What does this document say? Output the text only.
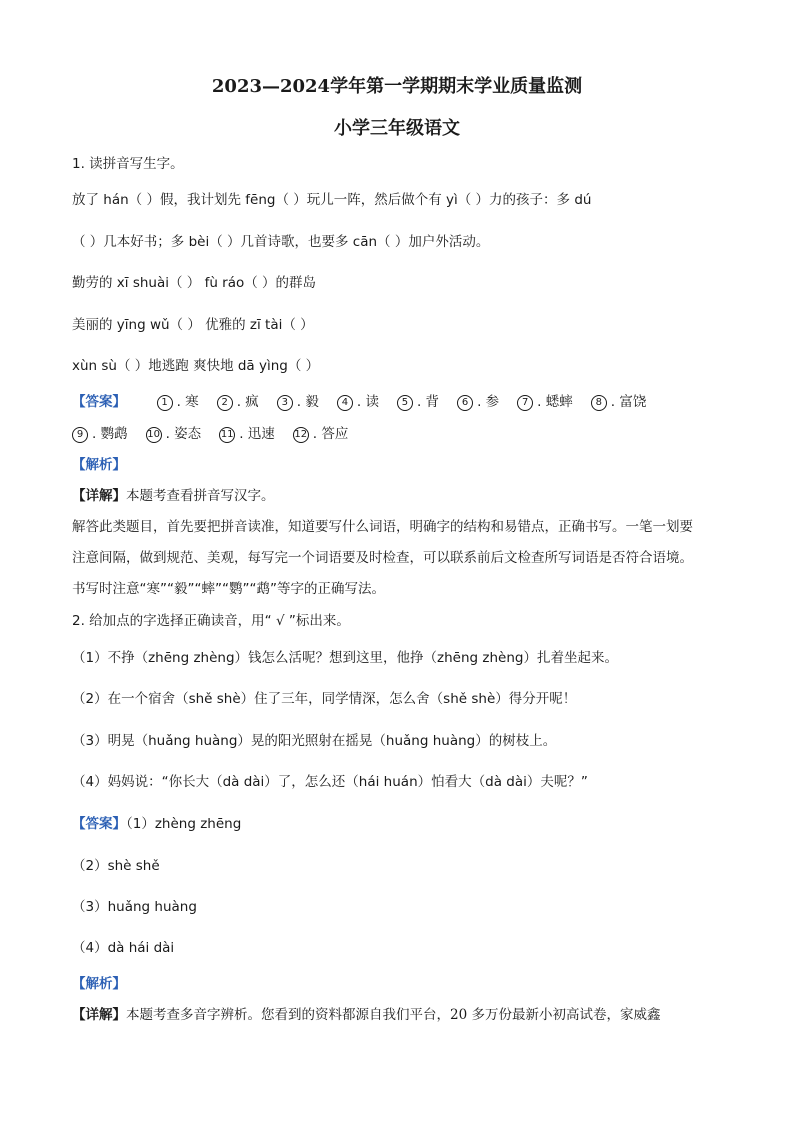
2023—2024学年第一学期期末学业质量监测
小学三年级语文
1. 读拼音写生字。
放了 hán（ ）假，我计划先 fēng（ ）玩儿一阵，然后做个有 yì（ ）力的孩子：多 dú
（ ）几本好书；多 bèi（ ）几首诗歌，也要多 cān（ ）加户外活动。
勤劳的 xī shuài（ ） fù ráo（ ）的群岛
美丽的 yīng wǔ（ ） 优雅的 zī tài（ ）
xùn sù（ ）地逃跑 爽快地 dā yìng（ ）
【答案】	1 . 寒 2 . 疯 3 . 毅 4 . 读 5 . 背 6 . 参 7 . 蟋蟀 8 . 富饶
9 . 鹦鹉 10 . 姿态 11 . 迅速 12 . 答应
【解析】
【详解】本题考查看拼音写汉字。
解答此类题目，首先要把拼音读准，知道要写什么词语，明确字的结构和易错点，正确书写。一笔一划要
注意间隔，做到规范、美观，每写完一个词语要及时检查，可以联系前后文检查所写词语是否符合语境。
书写时注意“寒”“毅”“蟀”“鹦”“鹉”等字的正确写法。
2. 给加点的字选择正确读音，用“ √ ”标出来。
（1）不挣（zhēng zhèng）钱怎么活呢？想到这里，他挣（zhēng zhèng）扎着坐起来。
（2）在一个宿舍（shě shè）住了三年，同学情深，怎么舍（shě shè）得分开呢！
（3）明晃（huǎng huàng）晃的阳光照射在摇晃（huǎng huàng）的树枝上。
（4）妈妈说：“你长大（dà dài）了，怎么还（hái huán）怕看大（dà dài）夫呢？”
【答案】（1）zhèng zhēng
（2）shè shě
（3）huǎng huàng
（4）dà hái dài
【解析】
【详解】本题考查多音字辨析。您看到的资料都源自我们平台，20 多万份最新小初高试卷，家威鑫
